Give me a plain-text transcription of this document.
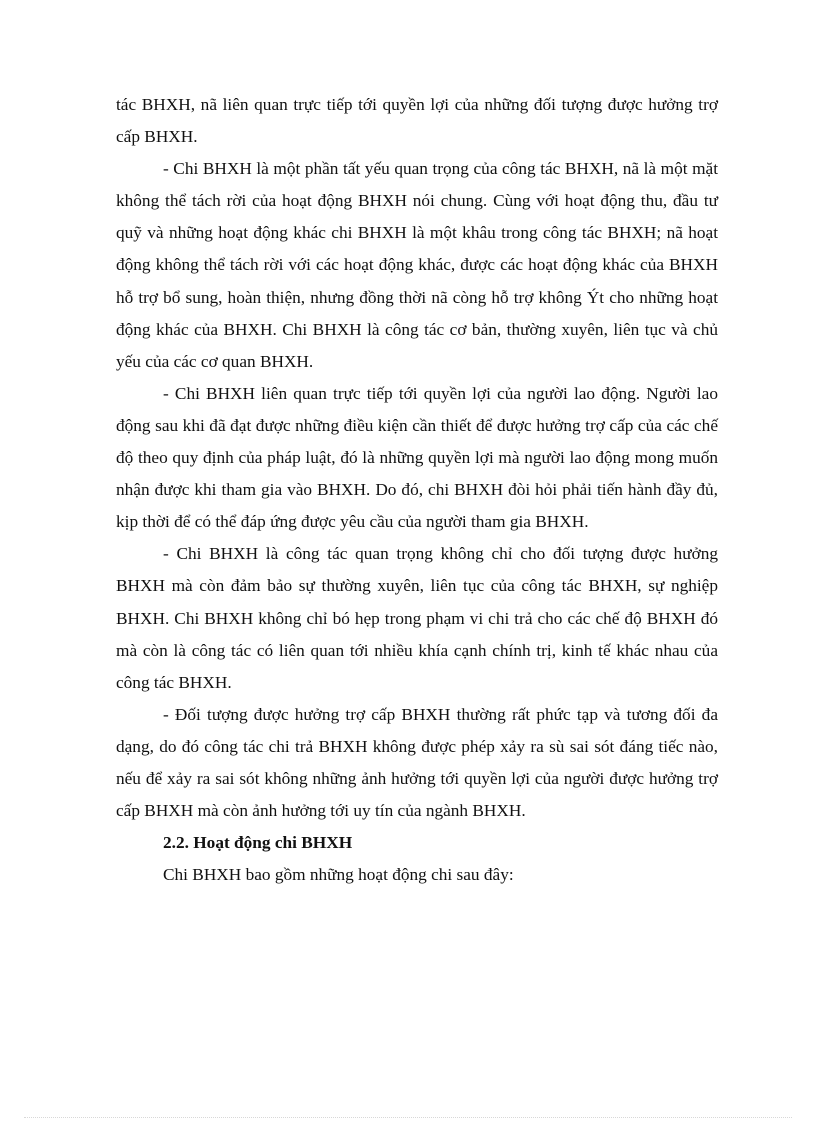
tác BHXH, nã liên quan trực tiếp tới quyền lợi của những đối tượng được hưởng trợ cấp BHXH.

- Chi BHXH là một phần tất yếu quan trọng của công tác BHXH, nã là một mặt không thể tách rời của hoạt động BHXH nói chung. Cùng với hoạt động thu, đầu tư quỹ và những hoạt động khác chi BHXH là một khâu trong công tác BHXH; nã hoạt động không thể tách rời với các hoạt động khác, được các hoạt động khác của BHXH hỗ trợ bổ sung, hoàn thiện, nhưng đồng thời nã còng hỗ trợ không Ýt cho những hoạt động khác của BHXH. Chi BHXH là công tác cơ bản, thường xuyên, liên tục và chủ yếu của các cơ quan BHXH.

- Chi BHXH liên quan trực tiếp tới quyền lợi của người lao động. Người lao động sau khi đã đạt được những điều kiện cần thiết để được hưởng trợ cấp của các chế độ theo quy định của pháp luật, đó là những quyền lợi mà người lao động mong muốn nhận được khi tham gia vào BHXH. Do đó, chi BHXH đòi hỏi phải tiến hành đầy đủ, kịp thời để có thể đáp ứng được yêu cầu của người tham gia BHXH.

- Chi BHXH là công tác quan trọng không chỉ cho đối tượng được hưởng BHXH mà còn đảm bảo sự thường xuyên, liên tục của công tác BHXH, sự nghiệp BHXH. Chi BHXH không chỉ bó hẹp trong phạm vi chi trả cho các chế độ BHXH đó mà còn là công tác có liên quan tới nhiều khía cạnh chính trị, kinh tế khác nhau của công tác BHXH.

- Đối tượng được hưởng trợ cấp BHXH thường rất phức tạp và tương đối đa dạng, do đó công tác chi trả BHXH không được phép xảy ra sù sai sót đáng tiếc nào, nếu để xảy ra sai sót không những ảnh hưởng tới quyền lợi của người được hưởng trợ cấp BHXH mà còn ảnh hưởng tới uy tín của ngành BHXH.

2.2. Hoạt động chi BHXH

Chi BHXH bao gồm những hoạt động chi sau đây:
